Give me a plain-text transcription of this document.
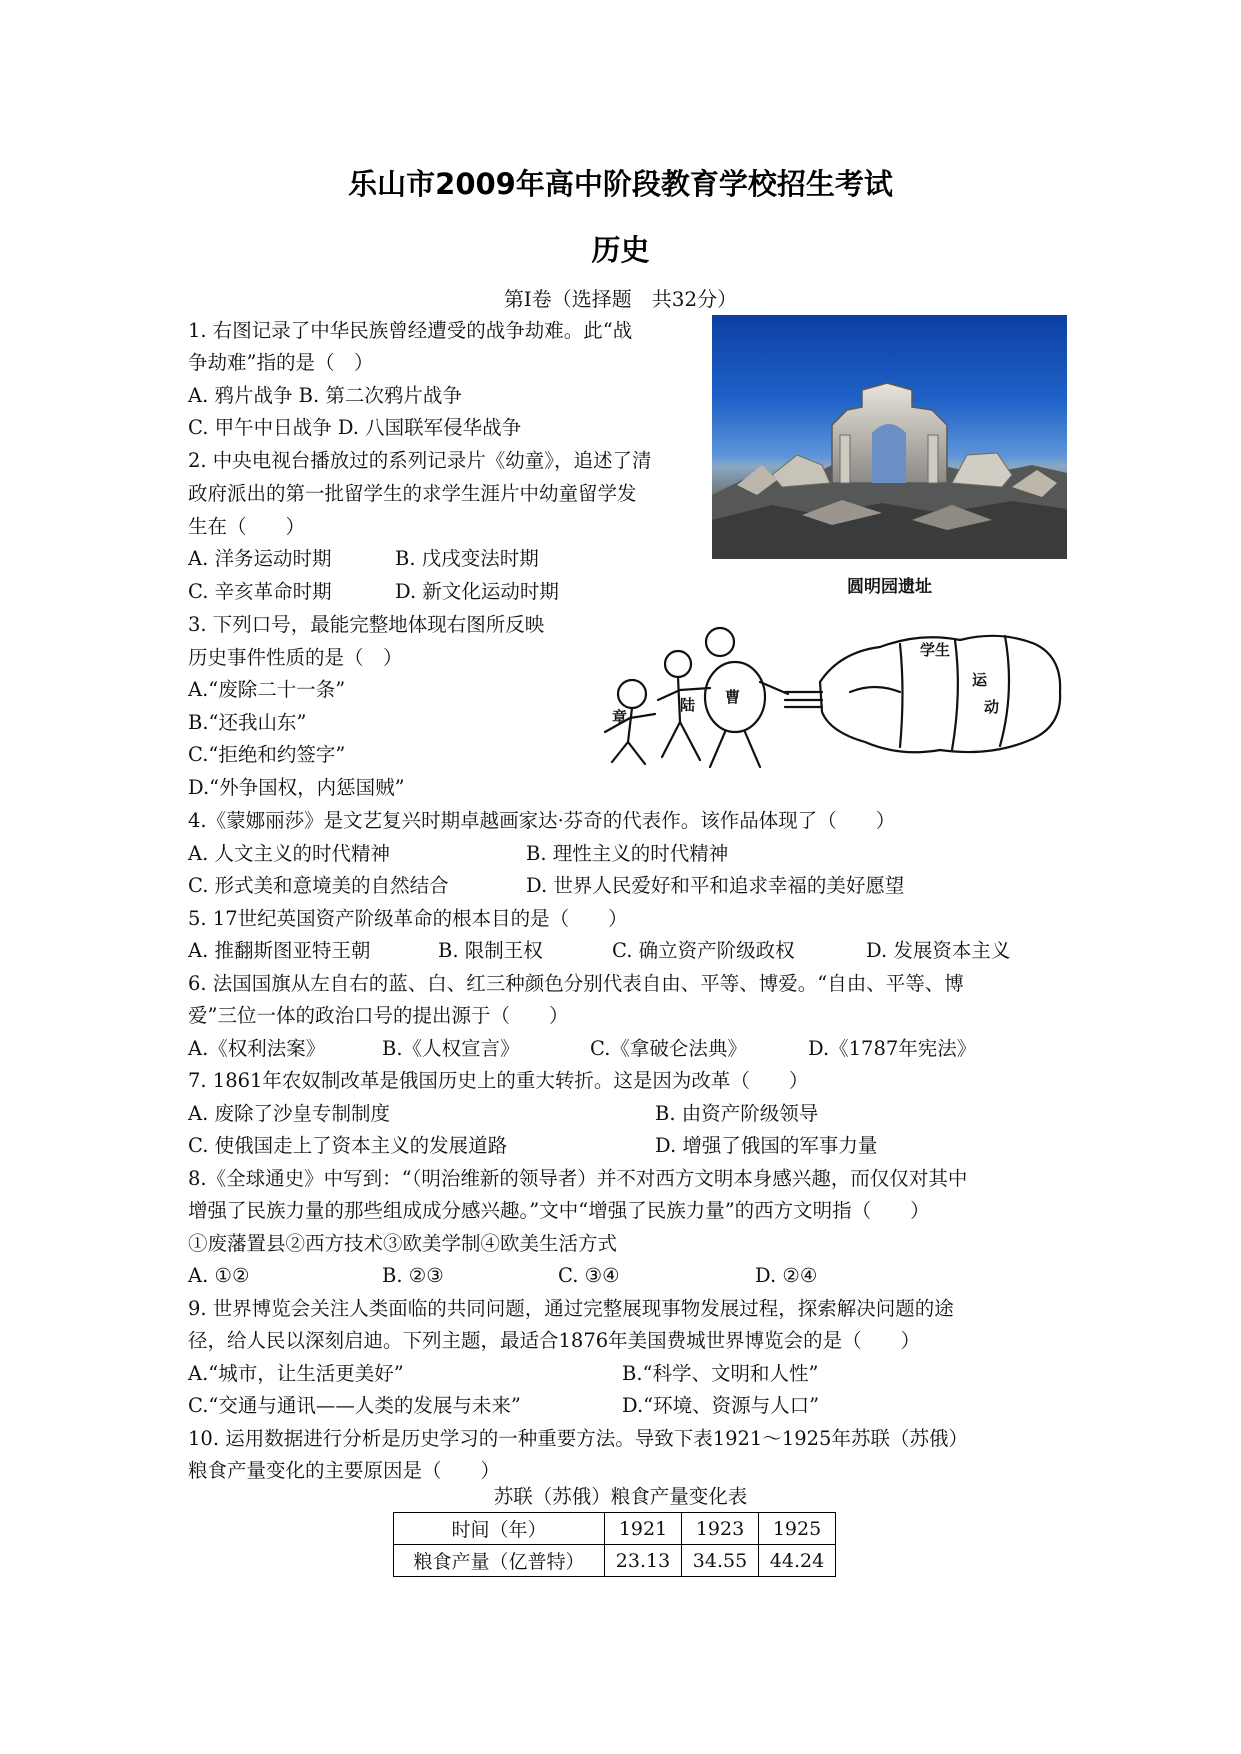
乐山市2009年高中阶段教育学校招生考试
历史
第Ⅰ卷（选择题　共32分）
圆明园遗址
章
陆 曹
学生
运
动
1. 右图记录了中华民族曾经遭受的战争劫难。此“战
争劫难”指的是（　）
A. 鸦片战争 B. 第二次鸦片战争
C. 甲午中日战争 D. 八国联军侵华战争
2. 中央电视台播放过的系列记录片《幼童》，追述了清
政府派出的第一批留学生的求学生涯片中幼童留学发
生在（　　）
A. 洋务运动时期	B. 戊戌变法时期
C. 辛亥革命时期	D. 新文化运动时期
3. 下列口号，最能完整地体现右图所反映
历史事件性质的是（　）
A.“废除二十一条”
B.“还我山东”
C.“拒绝和约签字”
D.“外争国权，内惩国贼”
4.《蒙娜丽莎》是文艺复兴时期卓越画家达·芬奇的代表作。该作品体现了（　　）
A. 人文主义的时代精神	B. 理性主义的时代精神
C. 形式美和意境美的自然结合	D. 世界人民爱好和平和追求幸福的美好愿望
5. 17世纪英国资产阶级革命的根本目的是（　　）
A. 推翻斯图亚特王朝	B. 限制王权	C. 确立资产阶级政权	D. 发展资本主义
6. 法国国旗从左自右的蓝、白、红三种颜色分别代表自由、平等、博爱。“自由、平等、博
爱”三位一体的政治口号的提出源于（　　）
A.《权利法案》	B.《人权宣言》	C.《拿破仑法典》	D.《1787年宪法》
7. 1861年农奴制改革是俄国历史上的重大转折。这是因为改革（　　）
A. 废除了沙皇专制制度	B. 由资产阶级领导
C. 使俄国走上了资本主义的发展道路	D. 增强了俄国的军事力量
8.《全球通史》中写到：“（明治维新的领导者）并不对西方文明本身感兴趣，而仅仅对其中
增强了民族力量的那些组成成分感兴趣。”文中“增强了民族力量”的西方文明指（　　）
①废藩置县②西方技术③欧美学制④欧美生活方式
A. ①②	B. ②③	C. ③④	D. ②④
9. 世界博览会关注人类面临的共同问题，通过完整展现事物发展过程，探索解决问题的途
径，给人民以深刻启迪。下列主题，最适合1876年美国费城世界博览会的是（　　）
A.“城市，让生活更美好”	B.“科学、文明和人性”
C.“交通与通讯——人类的发展与未来”	D.“环境、资源与人口”
10. 运用数据进行分析是历史学习的一种重要方法。导致下表1921～1925年苏联（苏俄）
粮食产量变化的主要原因是（　　）
苏联（苏俄）粮食产量变化表
时间（年）	1921	1923	1925
粮食产量（亿普特）	23.13	34.55	44.24
